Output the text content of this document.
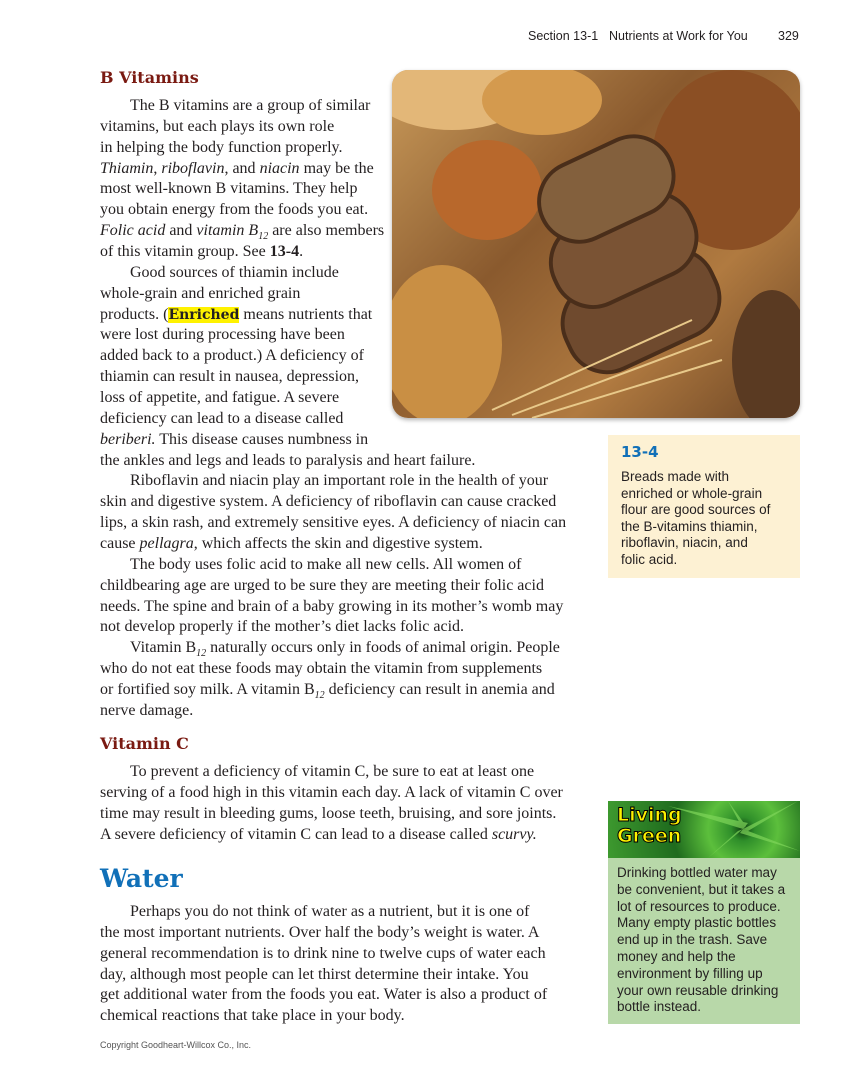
Section 13-1 Nutrients at Work for You 329
B Vitamins
The B vitamins are a group of similar
vitamins, but each plays its own role
in helping the body function properly.
Thiamin, riboflavin, and niacin may be the
most well-known B vitamins. They help
you obtain energy from the foods you eat.
Folic acid and vitamin $B_{12}$ are also members
of this vitamin group. See 13-4.
Good sources of thiamin include
whole-grain and enriched grain
products. (Enriched means nutrients that
were lost during processing have been
added back to a product.) A deficiency of
thiamin can result in nausea, depression,
loss of appetite, and fatigue. A severe
deficiency can lead to a disease called
beriberi. This disease causes numbness in
the ankles and legs and leads to paralysis and heart failure.
Riboflavin and niacin play an important role in the health of your
skin and digestive system. A deficiency of riboflavin can cause cracked
lips, a skin rash, and extremely sensitive eyes. A deficiency of niacin can
cause pellagra, which affects the skin and digestive system.
The body uses folic acid to make all new cells. All women of
childbearing age are urged to be sure they are meeting their folic acid
needs. The spine and brain of a baby growing in its mother’s womb may
not develop properly if the mother’s diet lacks folic acid.
Vitamin $B_{12}$ naturally occurs only in foods of animal origin. People
who do not eat these foods may obtain the vitamin from supplements
or fortified soy milk. A vitamin $B_{12}$ deficiency can result in anemia and
nerve damage.
13-4
Breads made with
enriched or whole-grain
flour are good sources of
the B-vitamins thiamin,
riboflavin, niacin, and
folic acid.
Vitamin C
To prevent a deficiency of vitamin C, be sure to eat at least one
serving of a food high in this vitamin each day. A lack of vitamin C over
time may result in bleeding gums, loose teeth, bruising, and sore joints.
A severe deficiency of vitamin C can lead to a disease called scurvy.
Water
Perhaps you do not think of water as a nutrient, but it is one of
the most important nutrients. Over half the body’s weight is water. A
general recommendation is to drink nine to twelve cups of water each
day, although most people can let thirst determine their intake. You
get additional water from the foods you eat. Water is also a product of
chemical reactions that take place in your body.
Living
Green
Drinking bottled water may
be convenient, but it takes a
lot of resources to produce.
Many empty plastic bottles
end up in the trash. Save
money and help the
environment by filling up
your own reusable drinking
bottle instead.
Copyright Goodheart-Willcox Co., Inc.
